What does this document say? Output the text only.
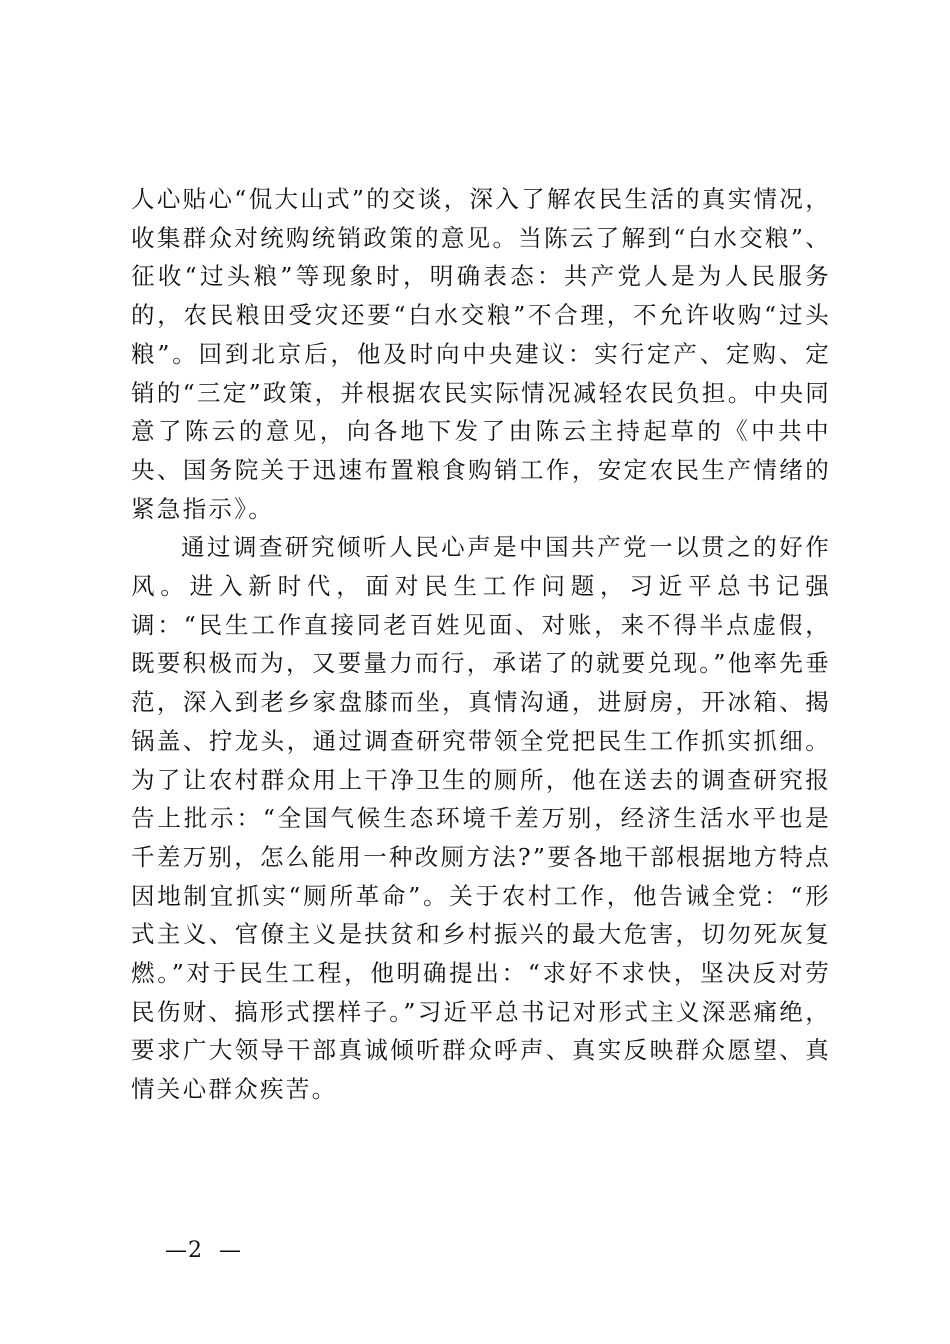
人心贴心“侃大山式”的交谈，深入了解农民生活的真实情况，收集群众对统购统销政策的意见。当陈云了解到“白水交粮”、征收“过头粮”等现象时，明确表态：共产党人是为人民服务的，农民粮田受灾还要“白水交粮”不合理，不允许收购“过头粮”。回到北京后，他及时向中央建议：实行定产、定购、定销的“三定”政策，并根据农民实际情况减轻农民负担。中央同意了陈云的意见，向各地下发了由陈云主持起草的《中共中央、国务院关于迅速布置粮食购销工作，安定农民生产情绪的紧急指示》。

通过调查研究倾听人民心声是中国共产党一以贯之的好作风。进入新时代，面对民生工作问题，习近平总书记强调：“民生工作直接同老百姓见面、对账，来不得半点虚假，既要积极而为，又要量力而行，承诺了的就要兑现。”他率先垂范，深入到老乡家盘膝而坐，真情沟通，进厨房，开冰箱、揭锅盖、拧龙头，通过调查研究带领全党把民生工作抓实抓细。为了让农村群众用上干净卫生的厕所，他在送去的调查研究报告上批示：“全国气候生态环境千差万别，经济生活水平也是千差万别，怎么能用一种改厕方法?”要各地干部根据地方特点因地制宜抓实“厕所革命”。关于农村工作，他告诫全党：“形式主义、官僚主义是扶贫和乡村振兴的最大危害，切勿死灰复燃。”对于民生工程，他明确提出：“求好不求快，坚决反对劳民伤财、搞形式摆样子。”习近平总书记对形式主义深恶痛绝，要求广大领导干部真诚倾听群众呼声、真实反映群众愿望、真情关心群众疾苦。

—2  —
